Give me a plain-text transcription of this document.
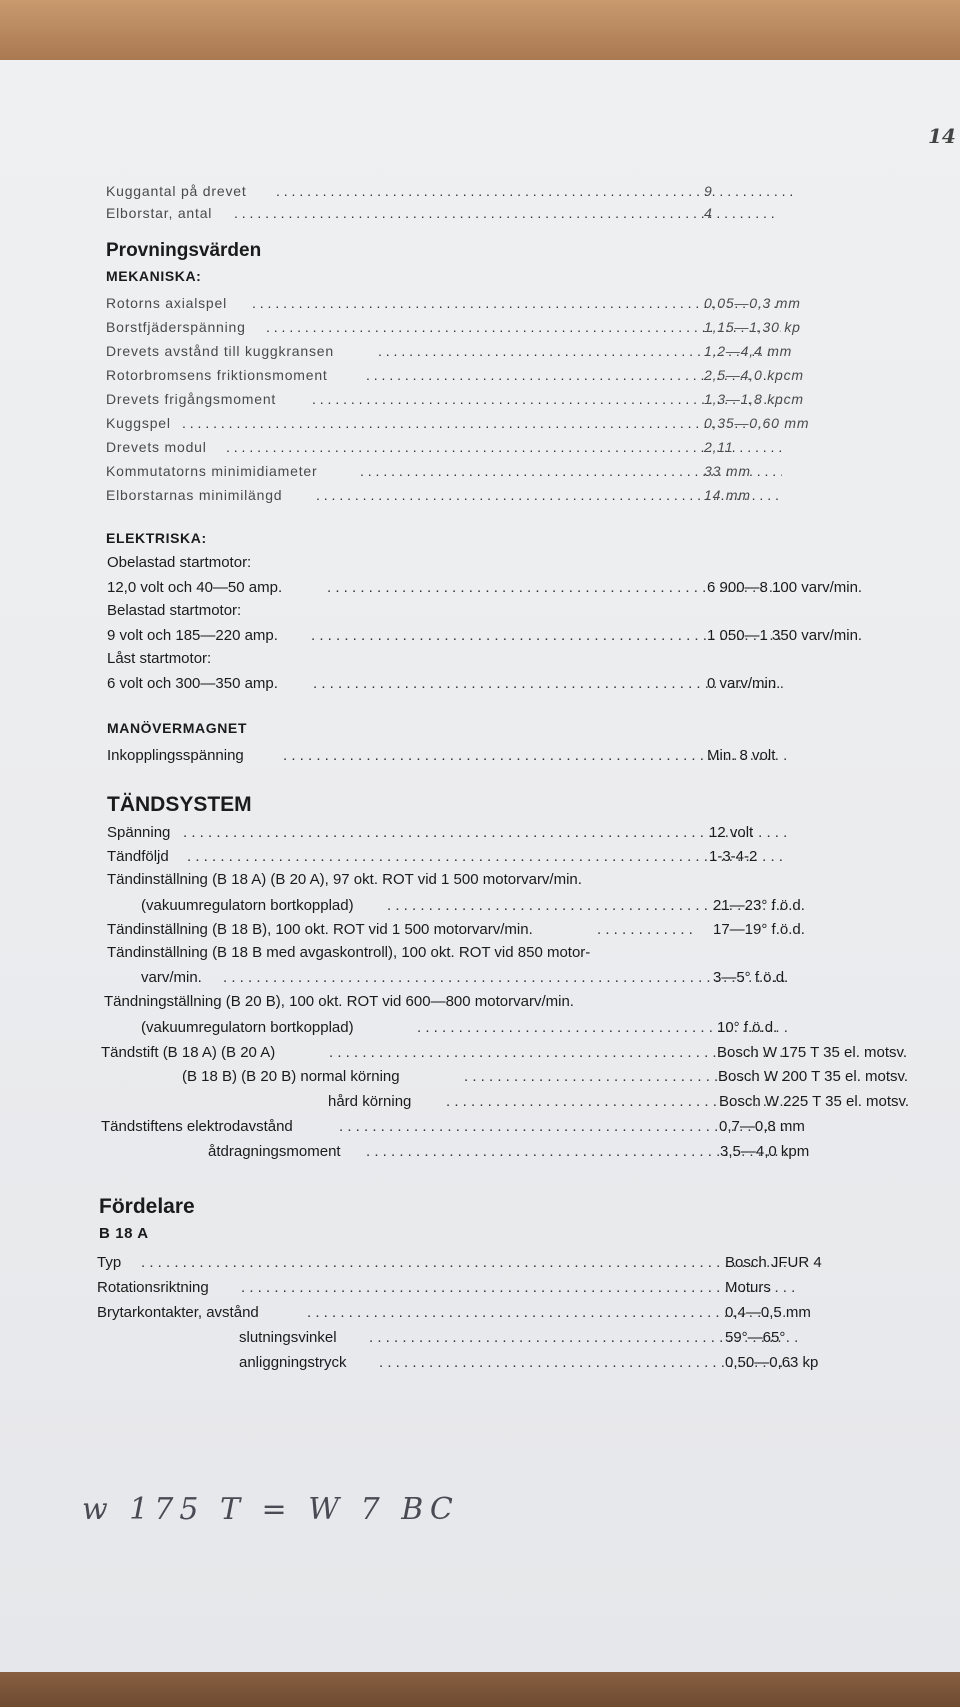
14
Kuggantal på drevet . . .	9
Elborstar, antal . . .	4
Provningsvärden
MEKANISKA:
Rotorns axialspel . . .	0,05—0,3 mm
Borstfjäderspänning . . .	1,15—1,30 kp
Drevets avstånd till kuggkransen . . .	1,2—4,4 mm
Rotorbromsens friktionsmoment . . .	2,5—4,0 kpcm
Drevets frigångsmoment . . .	1,3—1,8 kpcm
Kuggspel . . .	0,35—0,60 mm
Drevets modul . . .	2,11
Kommutatorns minimidiameter . . .	33 mm
Elborstarnas minimilängd . . .	14 mm
ELEKTRISKA:
Obelastad startmotor:
12,0 volt och 40—50 amp. . . .	6 900—8 100 varv/min.
Belastad startmotor:
9 volt och 185—220 amp. . . .	1 050—1 350 varv/min.
Låst startmotor:
6 volt och 300—350 amp. . . .	0 varv/min.
MANÖVERMAGNET
Inkopplingsspänning . . .	Min. 8 volt
TÄNDSYSTEM
Spänning . . .	12 volt
Tändföljd . . .	1-3-4-2
Tändinställning (B 18 A) (B 20 A), 97 okt. ROT vid 1 500 motorvarv/min.
(vakuumregulatorn bortkopplad) . . .	21—23° f.ö.d.
Tändinställning (B 18 B), 100 okt. ROT vid 1 500 motorvarv/min. . . .	17—19° f.ö.d.
Tändinställning (B 18 B med avgaskontroll), 100 okt. ROT vid 850 motor-
varv/min. . . .	3—5° f.ö.d.
Tändningställning (B 20 B), 100 okt. ROT vid 600—800 motorvarv/min.
(vakuumregulatorn bortkopplad) . . .	10° f.ö.d.
Tändstift (B 18 A) (B 20 A) . . .	Bosch W 175 T 35 el. motsv.
(B 18 B) (B 20 B) normal körning . . .	Bosch W 200 T 35 el. motsv.
hård körning . . .	Bosch W 225 T 35 el. motsv.
Tändstiftens elektrodavstånd . . .	0,7—0,8 mm
åtdragningsmoment . . .	3,5—4,0 kpm
Fördelare
B 18 A
Typ . . .	Bosch JFUR 4
Rotationsriktning . . .	Moturs
Brytarkontakter, avstånd . . .	0,4—0,5 mm
slutningsvinkel . . .	59°—65°
anliggningstryck . . .	0,50—0,63 kp
w 175 T = W 7 BC
